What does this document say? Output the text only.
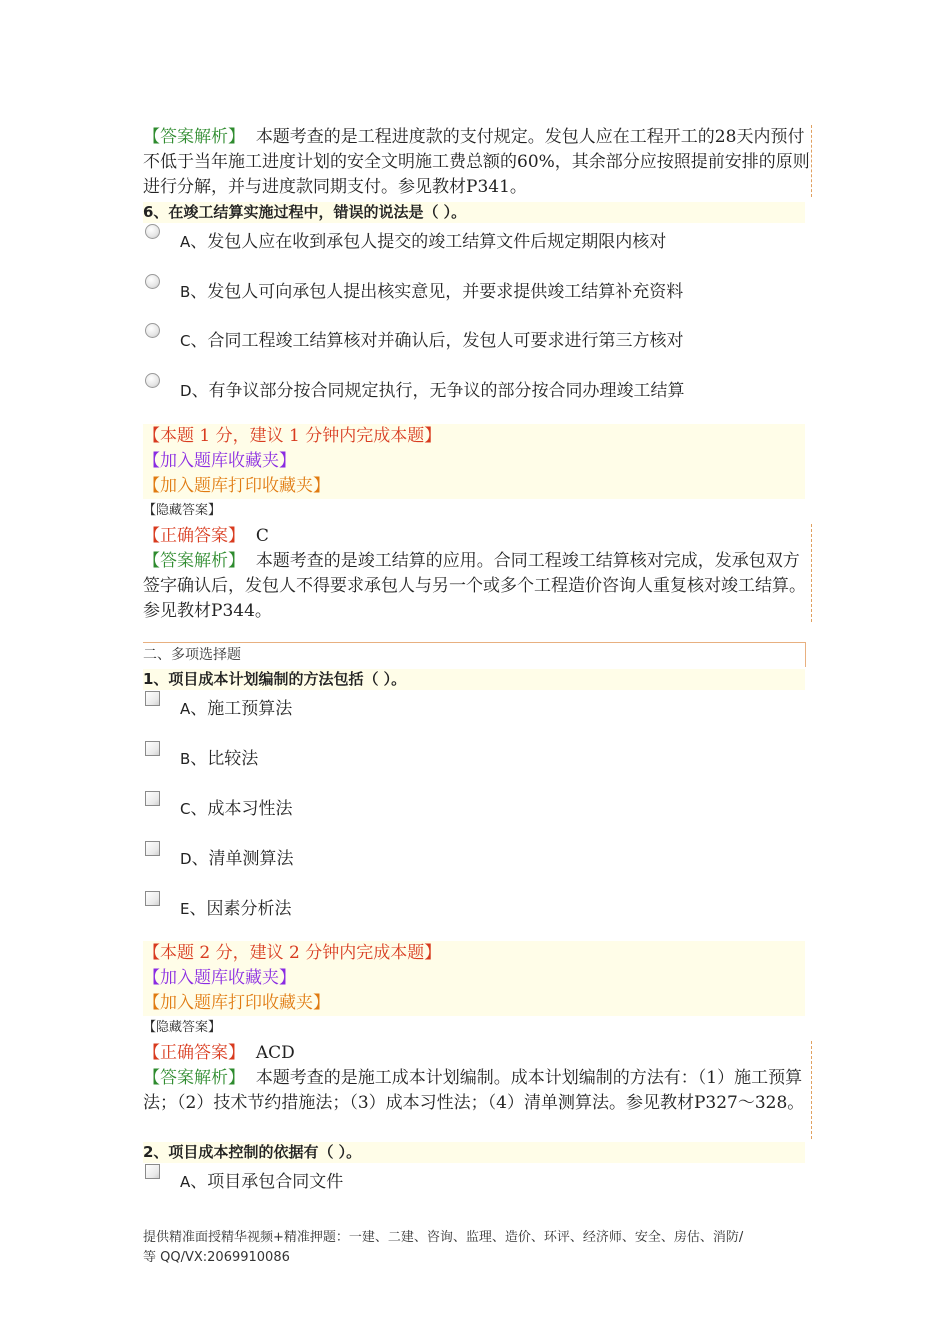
【答案解析】 本题考查的是工程进度款的支付规定。发包人应在工程开工的28天内预付不低于当年施工进度计划的安全文明施工费总额的60%，其余部分应按照提前安排的原则进行分解，并与进度款同期支付。参见教材P341。
6、在竣工结算实施过程中，错误的说法是（ ）。
A、发包人应在收到承包人提交的竣工结算文件后规定期限内核对
B、发包人可向承包人提出核实意见，并要求提供竣工结算补充资料
C、合同工程竣工结算核对并确认后，发包人可要求进行第三方核对
D、有争议部分按合同规定执行，无争议的部分按合同办理竣工结算
【本题 1 分，建议 1 分钟内完成本题】
【加入题库收藏夹】
【加入题库打印收藏夹】
【隐藏答案】
【正确答案】 C
【答案解析】 本题考查的是竣工结算的应用。合同工程竣工结算核对完成，发承包双方签字确认后，发包人不得要求承包人与另一个或多个工程造价咨询人重复核对竣工结算。参见教材P344。
二、多项选择题
1、项目成本计划编制的方法包括（ ）。
A、施工预算法
B、比较法
C、成本习性法
D、清单测算法
E、因素分析法
【本题 2 分，建议 2 分钟内完成本题】
【加入题库收藏夹】
【加入题库打印收藏夹】
【隐藏答案】
【正确答案】 ACD
【答案解析】 本题考查的是施工成本计划编制。成本计划编制的方法有：（1）施工预算法；（2）技术节约措施法；（3）成本习性法；（4）清单测算法。参见教材P327～328。
2、项目成本控制的依据有（ ）。
A、项目承包合同文件
提供精准面授精华视频+精准押题：一建、二建、咨询、监理、造价、环评、经济师、安全、房估、消防/
等 QQ/VX:2069910086
